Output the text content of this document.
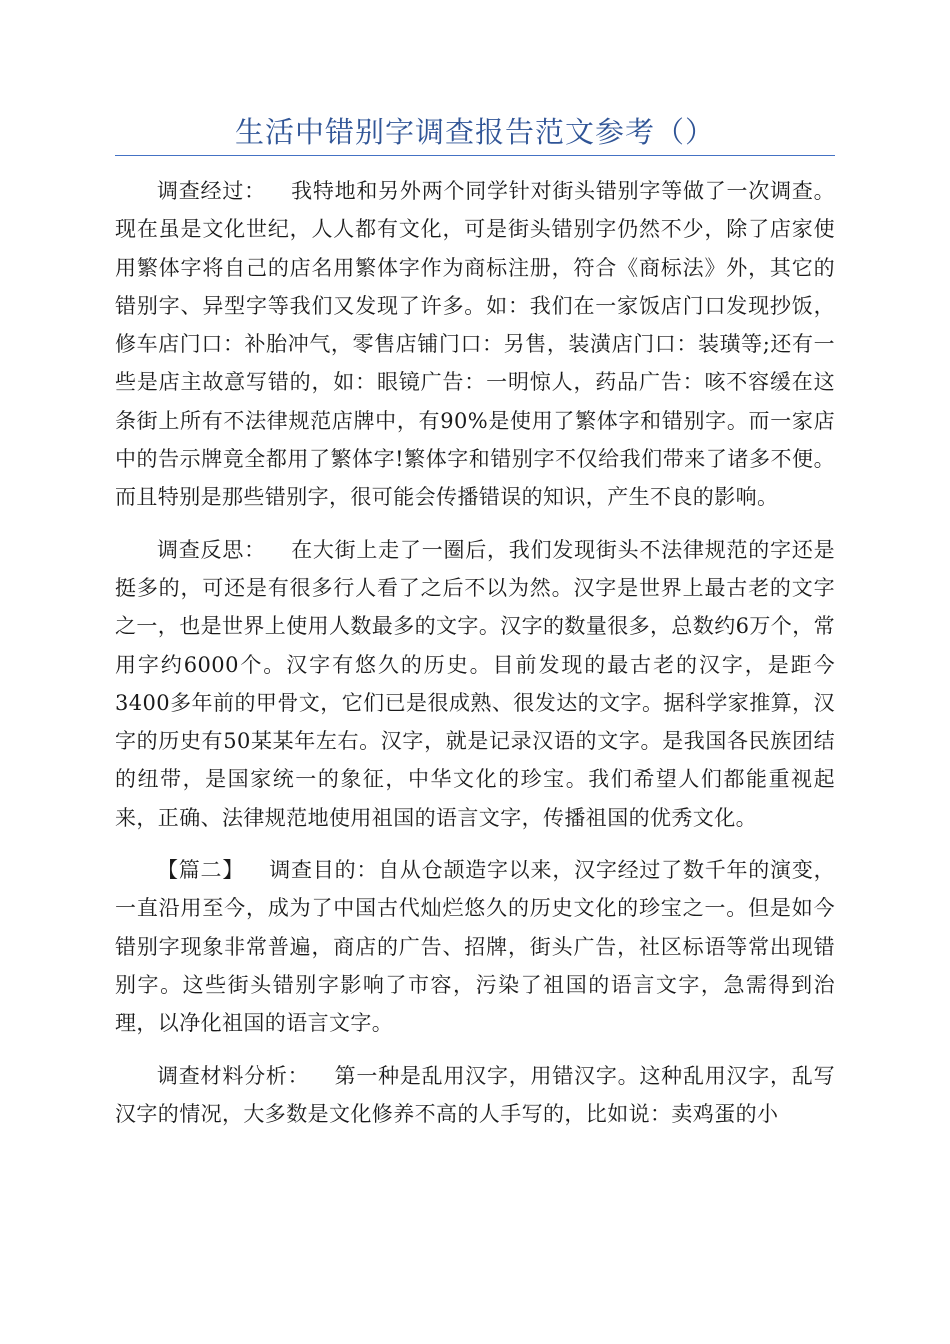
生活中错别字调查报告范文参考（）

调查经过： 我特地和另外两个同学针对街头错别字等做了一次调查。现在虽是文化世纪，人人都有文化，可是街头错别字仍然不少，除了店家使用繁体字将自己的店名用繁体字作为商标注册，符合《商标法》外，其它的错别字、异型字等我们又发现了许多。如：我们在一家饭店门口发现抄饭，修车店门口：补胎冲气，零售店铺门口：另售，装潢店门口：装璜等;还有一些是店主故意写错的，如：眼镜广告：一明惊人，药品广告：咳不容缓在这条街上所有不法律规范店牌中，有90%是使用了繁体字和错别字。而一家店中的告示牌竟全都用了繁体字!繁体字和错别字不仅给我们带来了诸多不便。而且特别是那些错别字，很可能会传播错误的知识，产生不良的影响。

调查反思： 在大街上走了一圈后，我们发现街头不法律规范的字还是挺多的，可还是有很多行人看了之后不以为然。汉字是世界上最古老的文字之一，也是世界上使用人数最多的文字。汉字的数量很多，总数约6万个，常用字约6000个。汉字有悠久的历史。目前发现的最古老的汉字，是距今3400多年前的甲骨文，它们已是很成熟、很发达的文字。据科学家推算，汉字的历史有50某某年左右。汉字，就是记录汉语的文字。是我国各民族团结的纽带，是国家统一的象征，中华文化的珍宝。我们希望人们都能重视起来，正确、法律规范地使用祖国的语言文字，传播祖国的优秀文化。

【篇二】 调查目的：自从仓颉造字以来，汉字经过了数千年的演变，一直沿用至今，成为了中国古代灿烂悠久的历史文化的珍宝之一。但是如今错别字现象非常普遍，商店的广告、招牌，街头广告，社区标语等常出现错别字。这些街头错别字影响了市容，污染了祖国的语言文字，急需得到治理，以净化祖国的语言文字。

调查材料分析： 第一种是乱用汉字，用错汉字。这种乱用汉字，乱写汉字的情况，大多数是文化修养不高的人手写的，比如说：卖鸡蛋的小
